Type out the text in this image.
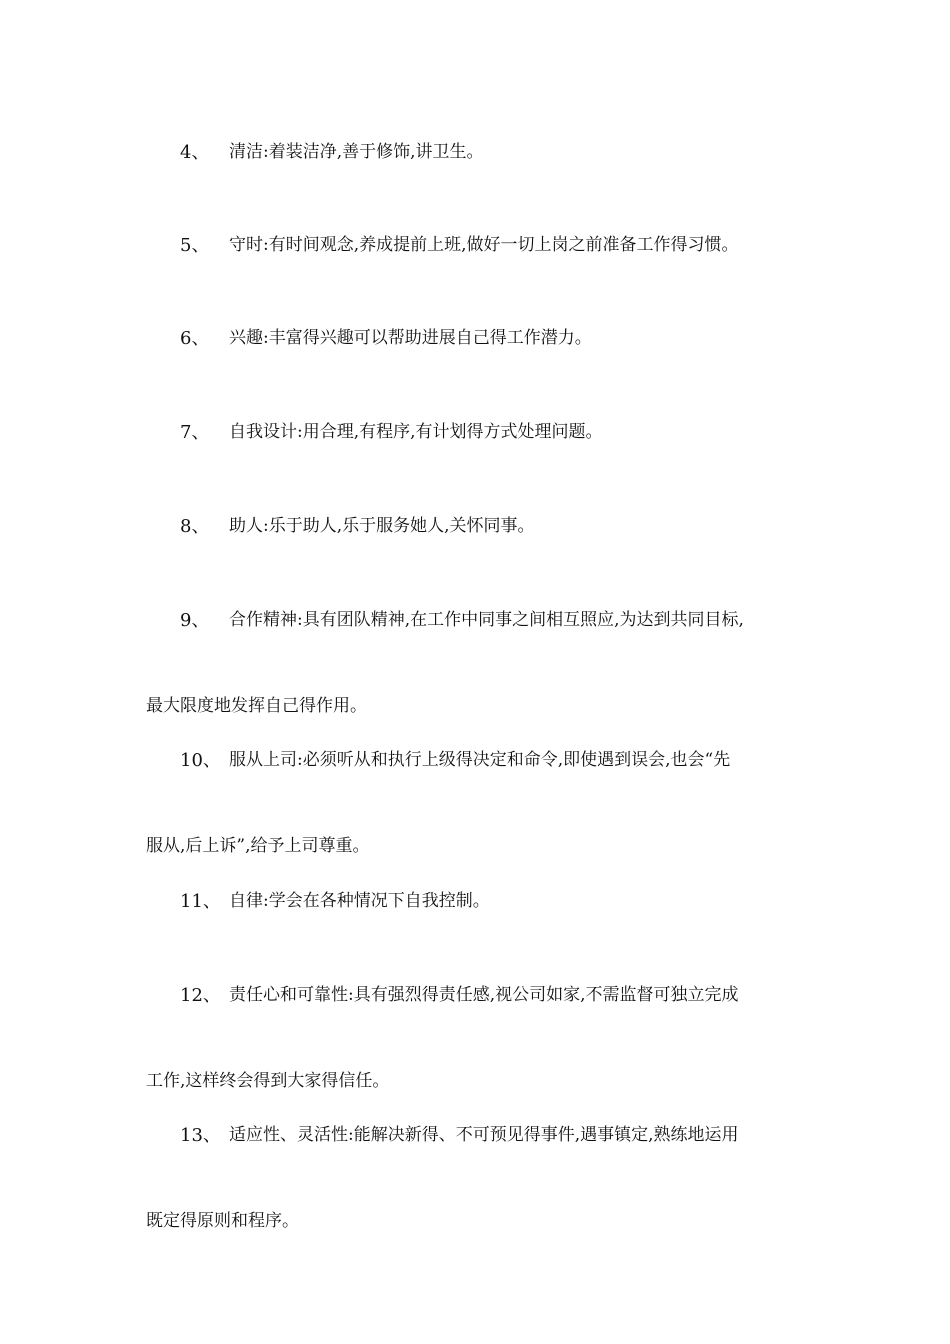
4、 清洁:着装洁净,善于修饰,讲卫生。
5、 守时:有时间观念,养成提前上班,做好一切上岗之前准备工作得习惯。
6、 兴趣:丰富得兴趣可以帮助进展自己得工作潜力。
7、 自我设计:用合理,有程序,有计划得方式处理问题。
8、 助人:乐于助人,乐于服务她人,关怀同事。
9、 合作精神:具有团队精神,在工作中同事之间相互照应,为达到共同目标,
最大限度地发挥自己得作用。
10、 服从上司:必须听从和执行上级得决定和命令,即使遇到误会,也会“先
服从,后上诉”,给予上司尊重。
11、 自律:学会在各种情况下自我控制。
12、 责任心和可靠性:具有强烈得责任感,视公司如家,不需监督可独立完成
工作,这样终会得到大家得信任。
13、 适应性、灵活性:能解决新得、不可预见得事件,遇事镇定,熟练地运用
既定得原则和程序。
